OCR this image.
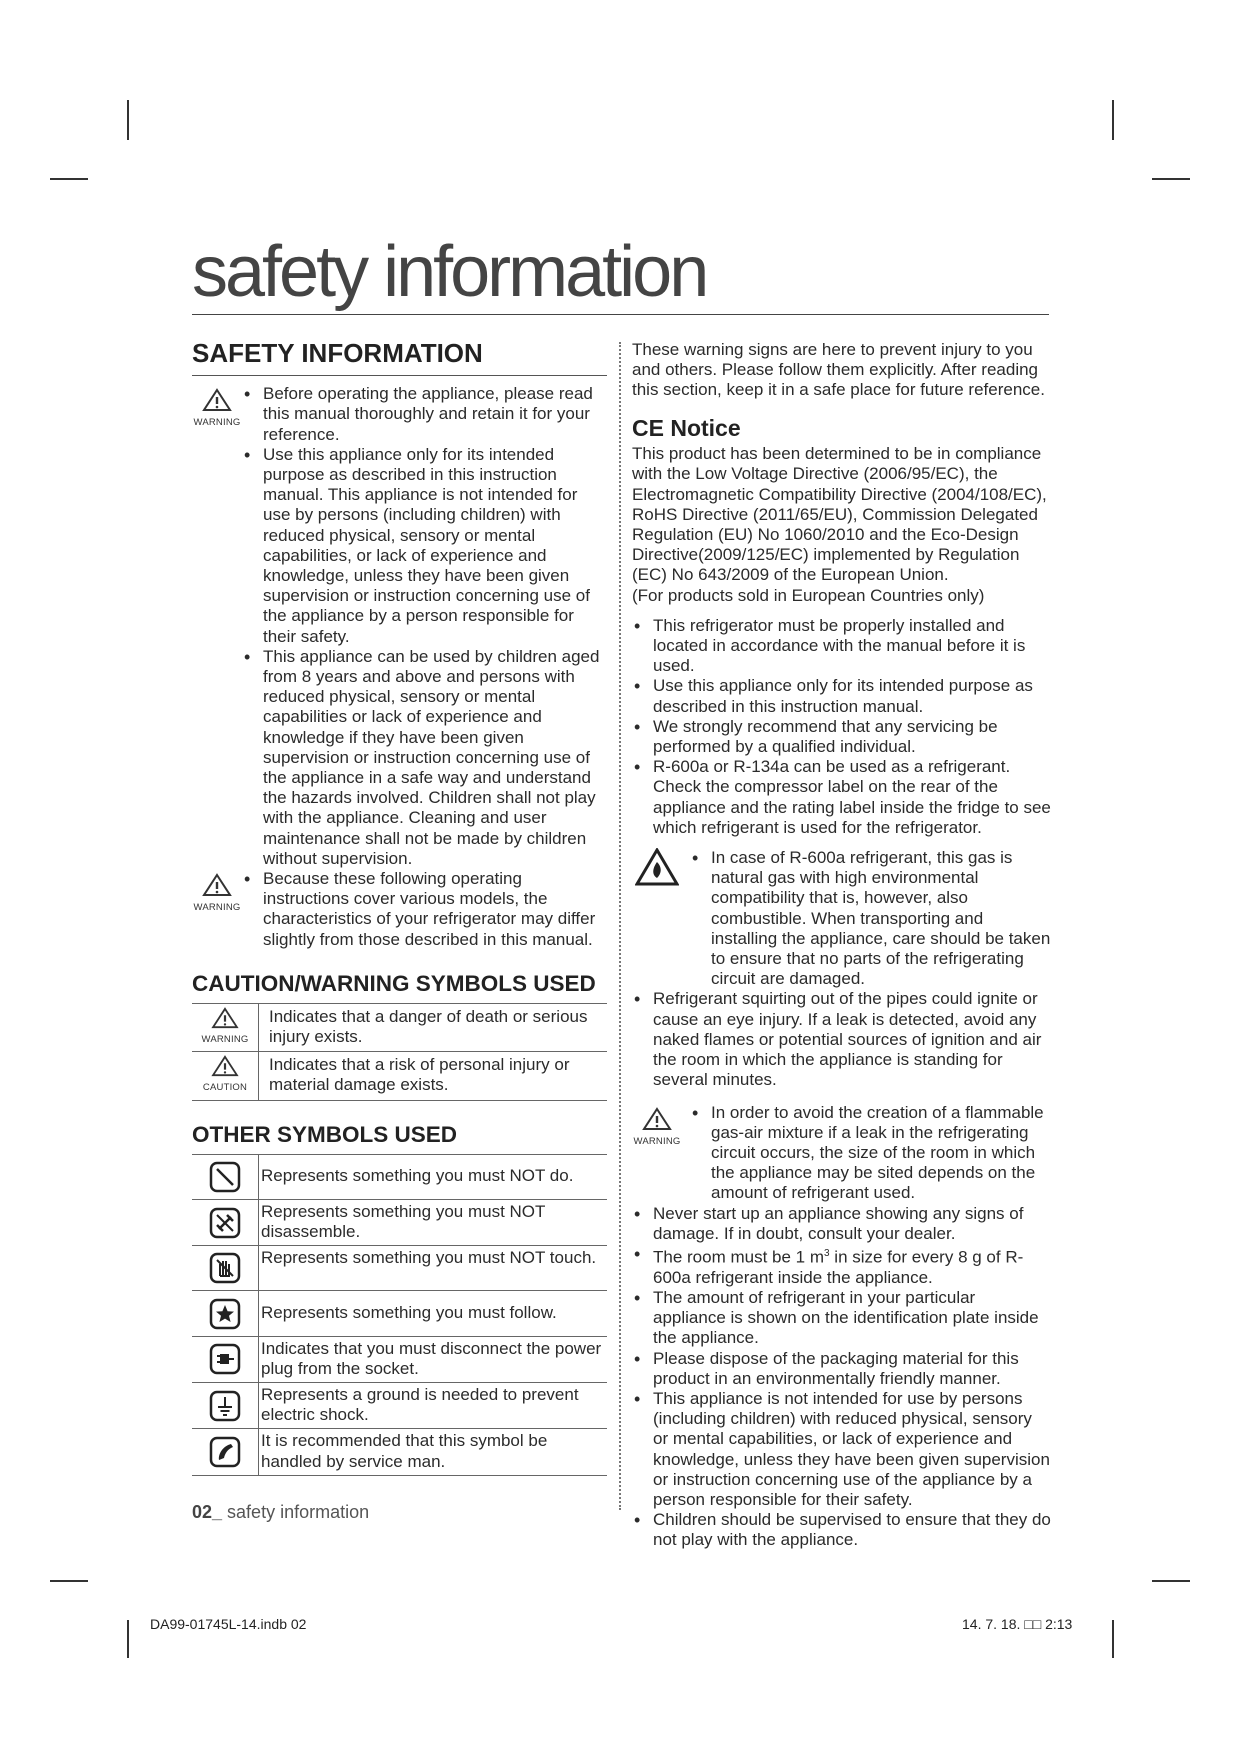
safety information
SAFETY INFORMATION
WARNING
• Before operating the appliance, please read this manual thoroughly and retain it for your reference.
• Use this appliance only for its intended purpose as described in this instruction manual. This appliance is not intended for use by persons (including children) with reduced physical, sensory or mental capabilities, or lack of experience and knowledge, unless they have been given supervision or instruction concerning use of the appliance by a person responsible for their safety.
• This appliance can be used by children aged from 8 years and above and persons with reduced physical, sensory or mental capabilities or lack of experience and knowledge if they have been given supervision or instruction concerning use of the appliance in a safe way and understand the hazards involved. Children shall not play with the appliance. Cleaning and user maintenance shall not be made by children without supervision.
WARNING
• Because these following operating instructions cover various models, the characteristics of your refrigerator may differ slightly from those described in this manual.
CAUTION/WARNING SYMBOLS USED
WARNING	Indicates that a danger of death or serious injury exists.

CAUTION	Indicates that a risk of personal injury or material damage exists.
OTHER SYMBOLS USED
	Represents something you must NOT do.

	Represents something you must NOT disassemble.

	Represents something you must NOT touch.

	Represents something you must follow.

	Indicates that you must disconnect the power plug from the socket.

	Represents a ground is needed to prevent electric shock.

	It is recommended that this symbol be handled by service man.

These warning signs are here to prevent injury to you and others. Please follow them explicitly. After reading this section, keep it in a safe place for future reference.

CE Notice

This product has been determined to be in compliance with the Low Voltage Directive (2006/95/EC), the Electromagnetic Compatibility Directive (2004/108/EC), RoHS Directive (2011/65/EU), Commission Delegated Regulation (EU) No 1060/2010 and the Eco-Design Directive(2009/125/EC) implemented by Regulation (EC) No 643/2009 of the European Union.
(For products sold in European Countries only)

• This refrigerator must be properly installed and located in accordance with the manual before it is used.
• Use this appliance only for its intended purpose as described in this instruction manual.
• We strongly recommend that any servicing be performed by a qualified individual.
• R-600a or R-134a can be used as a refrigerant. Check the compressor label on the rear of the appliance and the rating label inside the fridge to see which refrigerant is used for the refrigerator.
• In case of R-600a refrigerant, this gas is natural gas with high environmental compatibility that is, however, also combustible. When transporting and installing the appliance, care should be taken to ensure that no parts of the refrigerating circuit are damaged.
• Refrigerant squirting out of the pipes could ignite or cause an eye injury. If a leak is detected, avoid any naked flames or potential sources of ignition and air the room in which the appliance is standing for several minutes.
WARNING
• In order to avoid the creation of a flammable gas-air mixture if a leak in the refrigerating circuit occurs, the size of the room in which the appliance may be sited depends on the amount of refrigerant used.
• Never start up an appliance showing any signs of damage. If in doubt, consult your dealer.
• The room must be 1 $m^3$ in size for every 8 g of R-600a refrigerant inside the appliance.
• The amount of refrigerant in your particular appliance is shown on the identification plate inside the appliance.
• Please dispose of the packaging material for this product in an environmentally friendly manner.
• This appliance is not intended for use by persons (including children) with reduced physical, sensory or mental capabilities, or lack of experience and knowledge, unless they have been given supervision or instruction concerning use of the appliance by a person responsible for their safety.
• Children should be supervised to ensure that they do not play with the appliance.
02_ safety information
DA99-01745L-14.indb 02	14. 7. 18. □□ 2:13
